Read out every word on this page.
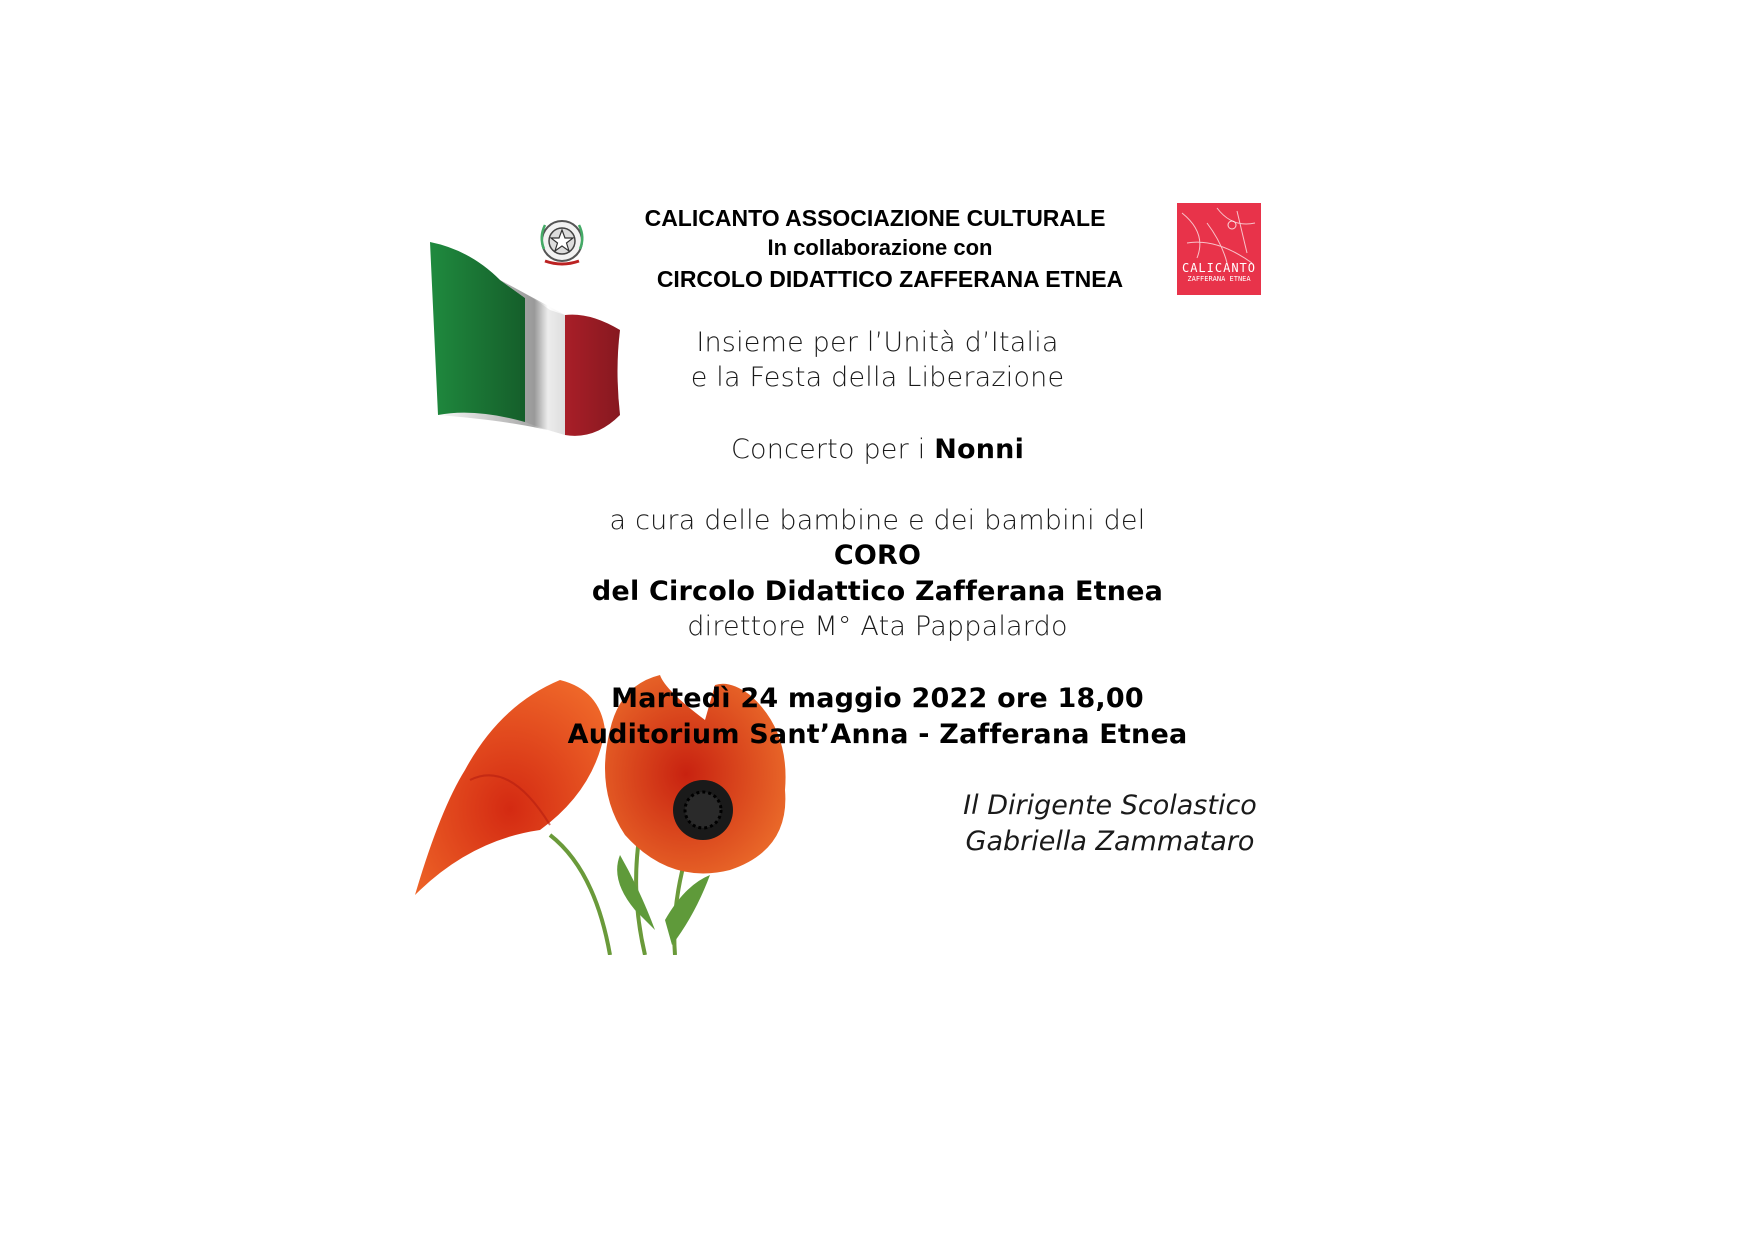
CALICANTO
ZAFFERANA ETNEA
CALICANTO ASSOCIAZIONE CULTURALE
In collaborazione con
CIRCOLO DIDATTICO ZAFFERANA ETNEA
Insieme per l’Unità d’Italia
e la Festa della Liberazione
Concerto per i Nonni
a cura delle bambine e dei bambini del
CORO
del Circolo Didattico Zafferana Etnea
direttore M° Ata Pappalardo
Martedì 24 maggio 2022 ore 18,00
Auditorium Sant’Anna - Zafferana Etnea
Il Dirigente Scolastico
Gabriella Zammataro
